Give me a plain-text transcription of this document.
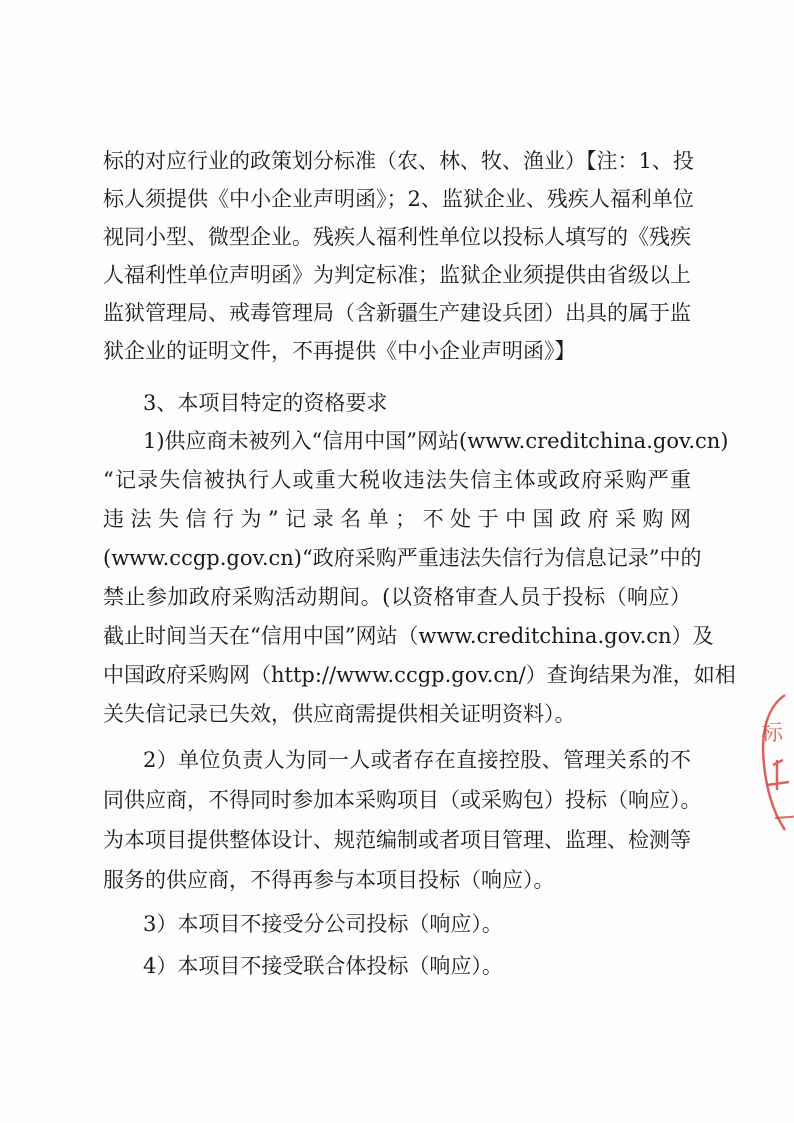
标的对应行业的政策划分标准（农、林、牧、渔业）【注：1、投
标人须提供《中小企业声明函》；2、监狱企业、残疾人福利单位
视同小型、微型企业。残疾人福利性单位以投标人填写的《残疾
人福利性单位声明函》为判定标准；监狱企业须提供由省级以上
监狱管理局、戒毒管理局（含新疆生产建设兵团）出具的属于监
狱企业的证明文件，不再提供《中小企业声明函》】
3、本项目特定的资格要求
1)供应商未被列入“信用中国”网站(www.creditchina.gov.cn)
“记录失信被执行人或重大税收违法失信主体或政府采购严重
违法失信行为”记录名单；不处于中国政府采购网
(www.ccgp.gov.cn)“政府采购严重违法失信行为信息记录”中的
禁止参加政府采购活动期间。(以资格审查人员于投标（响应）
截止时间当天在“信用中国”网站（www.creditchina.gov.cn）及
中国政府采购网（http://www.ccgp.gov.cn/）查询结果为准，如相
关失信记录已失效，供应商需提供相关证明资料）。
2）单位负责人为同一人或者存在直接控股、管理关系的不
同供应商，不得同时参加本采购项目（或采购包）投标（响应）。
为本项目提供整体设计、规范编制或者项目管理、监理、检测等
服务的供应商，不得再参与本项目投标（响应）。
3）本项目不接受分公司投标（响应）。
4）本项目不接受联合体投标（响应）。
标
